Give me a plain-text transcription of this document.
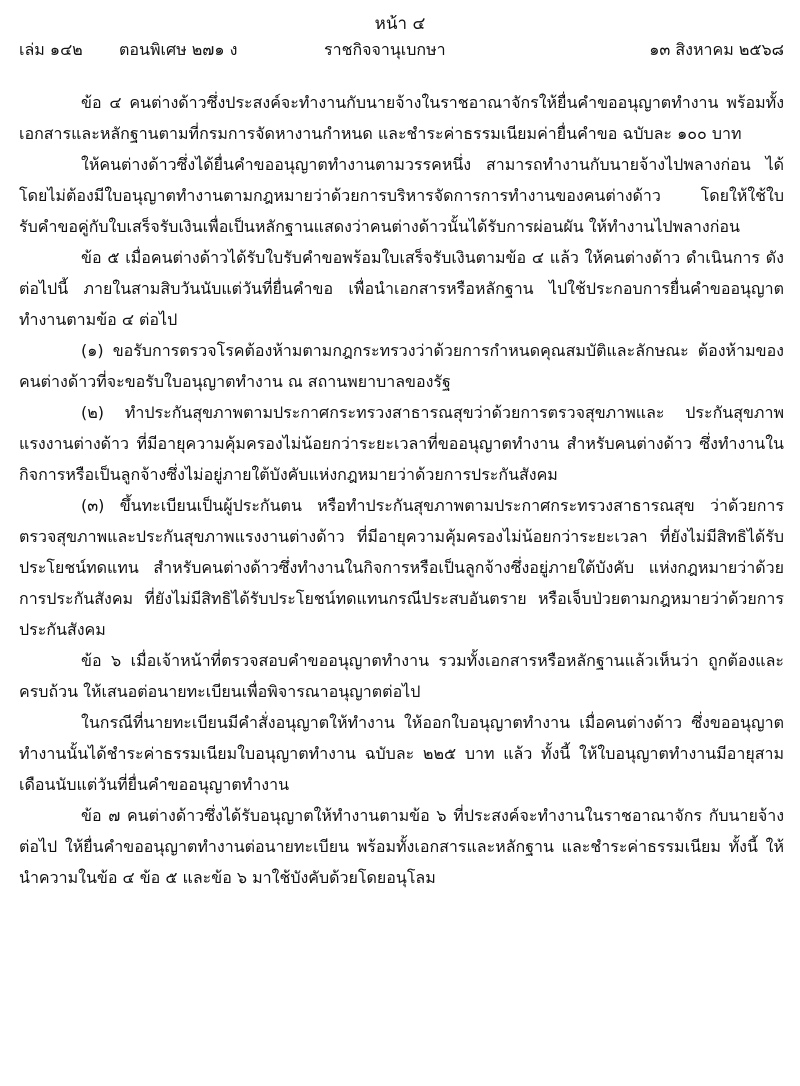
หน้า ๔
เล่ม ๑๔๒ ตอนพิเศษ ๒๗๑ ง	ราชกิจจานุเบกษา	๑๓ สิงหาคม ๒๕๖๘

ข้อ ๔ คนต่างด้าวซึ่งประสงค์จะทำงานกับนายจ้างในราชอาณาจักรให้ยื่นคำขออนุญาตทำงาน พร้อมทั้งเอกสารและหลักฐานตามที่กรมการจัดหางานกำหนด และชำระค่าธรรมเนียมค่ายื่นคำขอ ฉบับละ ๑๐๐ บาท

ให้คนต่างด้าวซึ่งได้ยื่นคำขออนุญาตทำงานตามวรรคหนึ่ง สามารถทำงานกับนายจ้างไปพลางก่อน ได้โดยไม่ต้องมีใบอนุญาตทำงานตามกฎหมายว่าด้วยการบริหารจัดการการทำงานของคนต่างด้าว โดยให้ใช้ใบรับคำขอคู่กับใบเสร็จรับเงินเพื่อเป็นหลักฐานแสดงว่าคนต่างด้าวนั้นได้รับการผ่อนผัน ให้ทำงานไปพลางก่อน

ข้อ ๕ เมื่อคนต่างด้าวได้รับใบรับคำขอพร้อมใบเสร็จรับเงินตามข้อ ๔ แล้ว ให้คนต่างด้าว ดำเนินการ ดังต่อไปนี้ ภายในสามสิบวันนับแต่วันที่ยื่นคำขอ เพื่อนำเอกสารหรือหลักฐาน ไปใช้ประกอบการยื่นคำขออนุญาตทำงานตามข้อ ๔ ต่อไป

(๑) ขอรับการตรวจโรคต้องห้ามตามกฎกระทรวงว่าด้วยการกำหนดคุณสมบัติและลักษณะ ต้องห้ามของคนต่างด้าวที่จะขอรับใบอนุญาตทำงาน ณ สถานพยาบาลของรัฐ

(๒) ทำประกันสุขภาพตามประกาศกระทรวงสาธารณสุขว่าด้วยการตรวจสุขภาพและ ประกันสุขภาพแรงงานต่างด้าว ที่มีอายุความคุ้มครองไม่น้อยกว่าระยะเวลาที่ขออนุญาตทำงาน สำหรับคนต่างด้าว ซึ่งทำงานในกิจการหรือเป็นลูกจ้างซึ่งไม่อยู่ภายใต้บังคับแห่งกฎหมายว่าด้วยการประกันสังคม

(๓) ขึ้นทะเบียนเป็นผู้ประกันตน หรือทำประกันสุขภาพตามประกาศกระทรวงสาธารณสุข ว่าด้วยการตรวจสุขภาพและประกันสุขภาพแรงงานต่างด้าว ที่มีอายุความคุ้มครองไม่น้อยกว่าระยะเวลา ที่ยังไม่มีสิทธิได้รับประโยชน์ทดแทน สำหรับคนต่างด้าวซึ่งทำงานในกิจการหรือเป็นลูกจ้างซึ่งอยู่ภายใต้บังคับ แห่งกฎหมายว่าด้วยการประกันสังคม ที่ยังไม่มีสิทธิได้รับประโยชน์ทดแทนกรณีประสบอันตราย หรือเจ็บป่วยตามกฎหมายว่าด้วยการประกันสังคม

ข้อ ๖ เมื่อเจ้าหน้าที่ตรวจสอบคำขออนุญาตทำงาน รวมทั้งเอกสารหรือหลักฐานแล้วเห็นว่า ถูกต้องและครบถ้วน ให้เสนอต่อนายทะเบียนเพื่อพิจารณาอนุญาตต่อไป

ในกรณีที่นายทะเบียนมีคำสั่งอนุญาตให้ทำงาน ให้ออกใบอนุญาตทำงาน เมื่อคนต่างด้าว ซึ่งขออนุญาตทำงานนั้นได้ชำระค่าธรรมเนียมใบอนุญาตทำงาน ฉบับละ ๒๒๕ บาท แล้ว ทั้งนี้ ให้ใบอนุญาตทำงานมีอายุสามเดือนนับแต่วันที่ยื่นคำขออนุญาตทำงาน

ข้อ ๗ คนต่างด้าวซึ่งได้รับอนุญาตให้ทำงานตามข้อ ๖ ที่ประสงค์จะทำงานในราชอาณาจักร กับนายจ้างต่อไป ให้ยื่นคำขออนุญาตทำงานต่อนายทะเบียน พร้อมทั้งเอกสารและหลักฐาน และชำระค่าธรรมเนียม ทั้งนี้ ให้นำความในข้อ ๔ ข้อ ๕ และข้อ ๖ มาใช้บังคับด้วยโดยอนุโลม
